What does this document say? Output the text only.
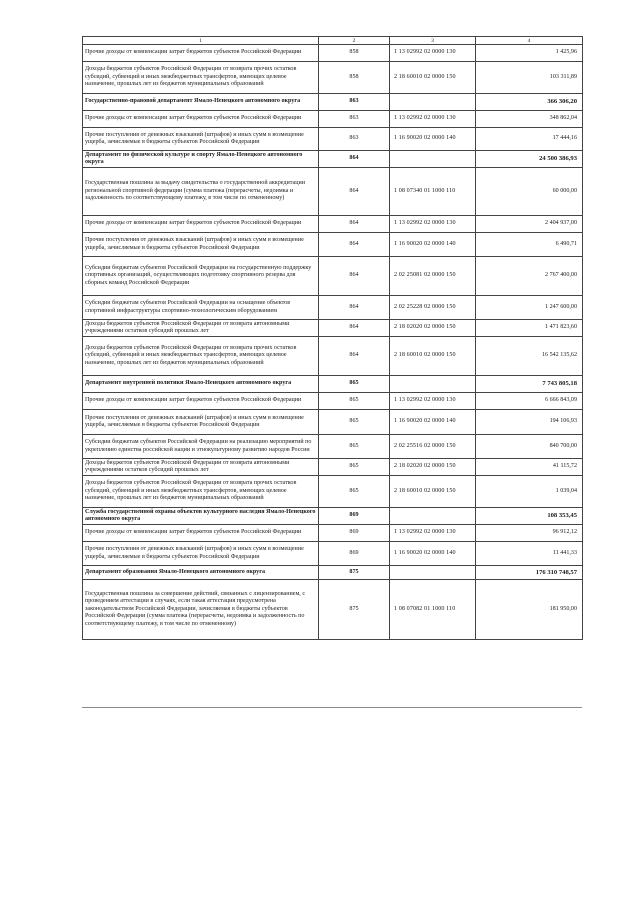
1	2	3	4
Прочие доходы от компенсации затрат бюджетов субъектов Российской Федерации	858	1 13 02992 02 0000 130	1 425,96
Доходы бюджетов субъектов Российской Федерации от возврата прочих остатков субсидий, субвенций и иных межбюджетных трансфертов, имеющих целевое назначение, прошлых лет из бюджетов муниципальных образований	858	2 18 60010 02 0000 150	103 311,89
Государственно-правовой департамент Ямало-Ненецкого автономного округа	863		366 306,20
Прочие доходы от компенсации затрат бюджетов субъектов Российской Федерации	863	1 13 02992 02 0000 130	348 862,04
Прочие поступления от денежных взысканий (штрафов) и иных сумм в возмещение ущерба, зачисляемые в бюджеты субъектов Российской Федерации	863	1 16 90020 02 0000 140	17 444,16
Департамент по физической культуре и спорту Ямало-Ненецкого автономного округа	864		24 500 386,93
Государственная пошлина за выдачу свидетельства о государственной аккредитации региональной спортивной федерации (сумма платежа (перерасчеты, недоимка и задолженность по соответствующему платежу, в том числе по отмененному)	864	1 08 07340 01 1000 110	60 000,00
Прочие доходы от компенсации затрат бюджетов субъектов Российской Федерации	864	1 13 02992 02 0000 130	2 404 937,00
Прочие поступления от денежных взысканий (штрафов) и иных сумм в возмещение ущерба, зачисляемые в бюджеты субъектов Российской Федерации	864	1 16 90020 02 0000 140	6 490,71
Субсидии бюджетам субъектов Российской Федерации на государственную поддержку спортивных организаций, осуществляющих подготовку спортивного резерва для сборных команд Российской Федерации	864	2 02 25081 02 0000 150	2 767 400,00
Субсидии бюджетам субъектов Российской Федерации на оснащение объектов спортивной инфраструктуры спортивно-технологическим оборудованием	864	2 02 25228 02 0000 150	1 247 600,00
Доходы бюджетов субъектов Российской Федерации от возврата автономными учреждениями остатков субсидий прошлых лет	864	2 18 02020 02 0000 150	1 471 823,60
Доходы бюджетов субъектов Российской Федерации от возврата прочих остатков субсидий, субвенций и иных межбюджетных трансфертов, имеющих целевое назначение, прошлых лет из бюджетов муниципальных образований	864	2 18 60010 02 0000 150	16 542 135,62
Департамент внутренней политики Ямало-Ненецкого автономного округа	865		7 743 805,18
Прочие доходы от компенсации затрат бюджетов субъектов Российской Федерации	865	1 13 02992 02 0000 130	6 666 843,09
Прочие поступления от денежных взысканий (штрафов) и иных сумм в возмещение ущерба, зачисляемые в бюджеты субъектов Российской Федерации	865	1 16 90020 02 0000 140	194 106,93
Субсидии бюджетам субъектов Российской Федерации на реализацию мероприятий по укреплению единства российской нации и этнокультурному развитию народов России	865	2 02 25516 02 0000 150	840 700,00
Доходы бюджетов субъектов Российской Федерации от возврата автономными учреждениями остатков субсидий прошлых лет	865	2 18 02020 02 0000 150	41 115,72
Доходы бюджетов субъектов Российской Федерации от возврата прочих остатков субсидий, субвенций и иных межбюджетных трансфертов, имеющих целевое назначение, прошлых лет из бюджетов муниципальных образований	865	2 18 60010 02 0000 150	1 039,04
Служба государственной охраны объектов культурного наследия Ямало-Ненецкого автономного округа	869		108 353,45
Прочие доходы от компенсации затрат бюджетов субъектов Российской Федерации	869	1 13 02992 02 0000 130	96 912,12
Прочие поступления от денежных взысканий (штрафов) и иных сумм в возмещение ущерба, зачисляемые в бюджеты субъектов Российской Федерации	869	1 16 90020 02 0000 140	11 441,33
Департамент образования Ямало-Ненецкого автономного округа	875		176 310 748,57
Государственная пошлина за совершение действий, связанных с лицензированием, с проведением аттестации в случаях, если такая аттестация предусмотрена законодательством Российской Федерации, зачисляемая в бюджеты субъектов Российской Федерации (сумма платежа (перерасчеты, недоимка и задолженность по соответствующему платежу, в том числе по отмененному)	875	1 08 07082 01 1000 110	181 950,00
